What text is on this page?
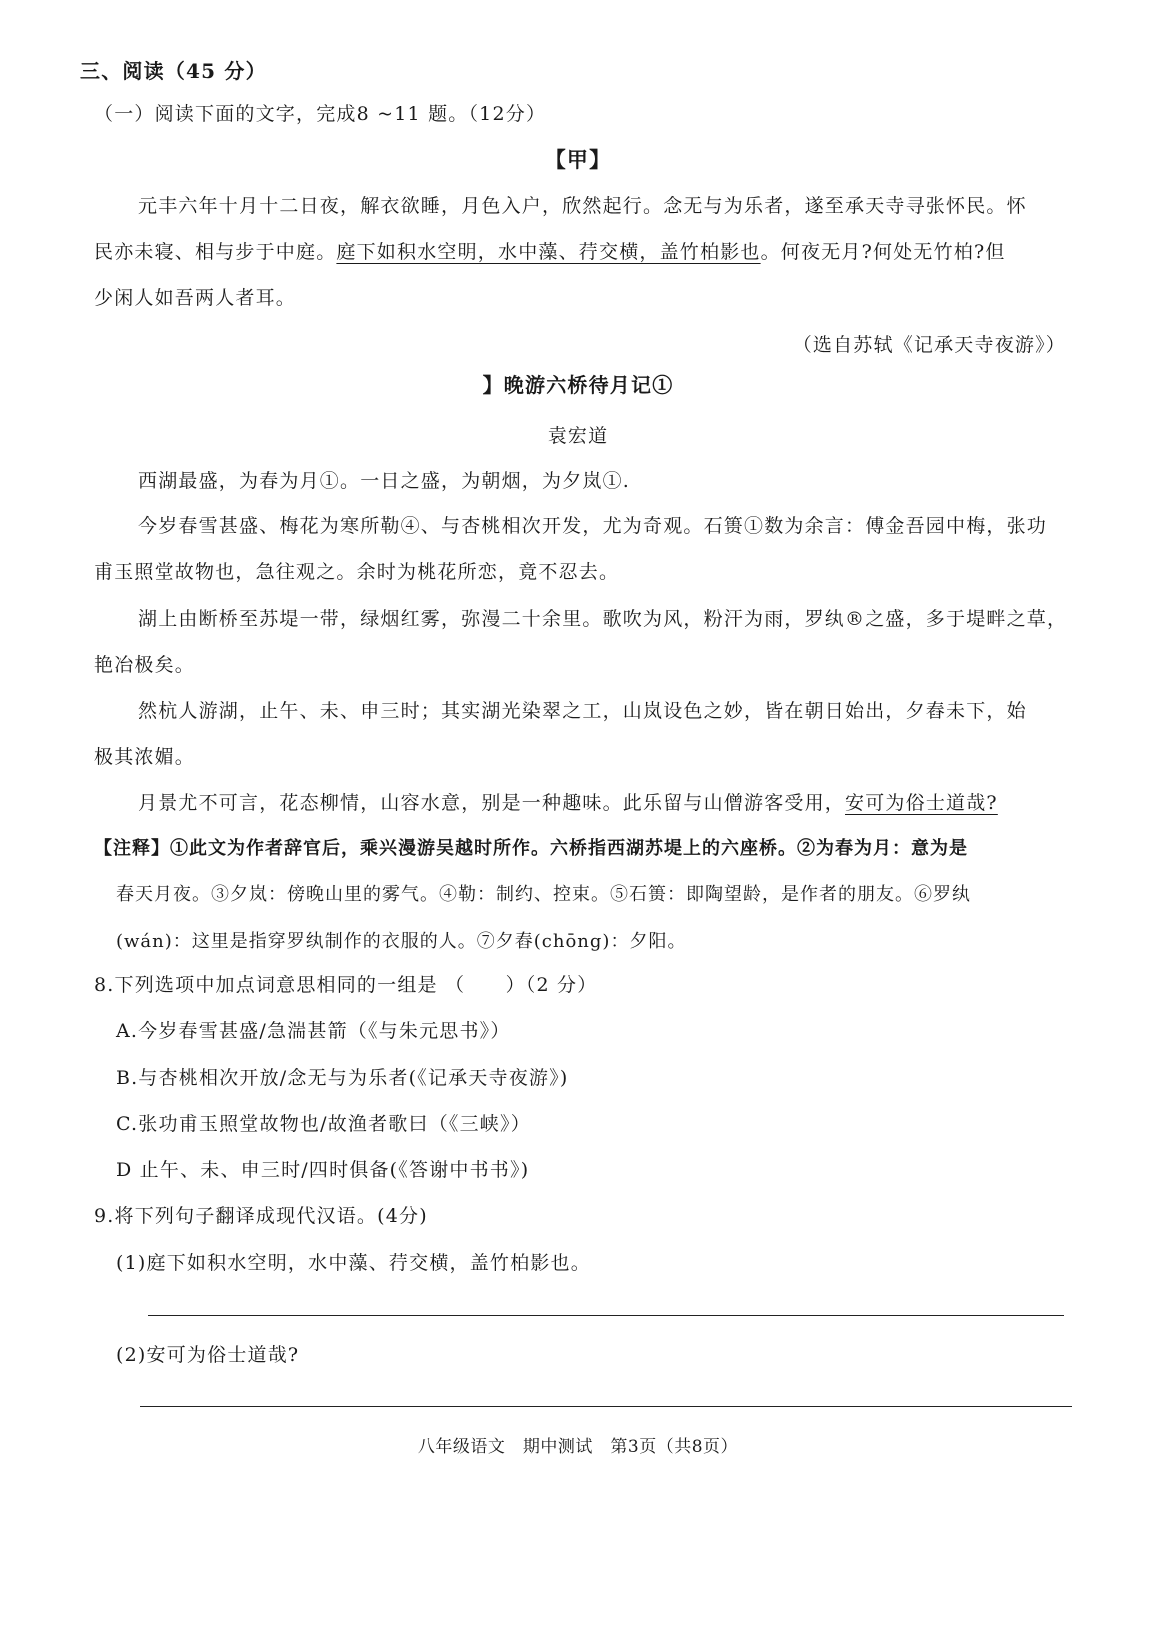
三、阅读（45 分）
（一）阅读下面的文字，完成8 ~11 题。（12分）
【甲】
元丰六年十月十二日夜，解衣欲睡，月色入户，欣然起行。念无与为乐者，遂至承天寺寻张怀民。怀
民亦未寝、相与步于中庭。庭下如积水空明，水中藻、荇交横，盖竹柏影也。何夜无月?何处无竹柏?但
少闲人如吾两人者耳。
（选自苏轼《记承天寺夜游》）
】晚游六桥待月记①
袁宏道
西湖最盛，为春为月①。一日之盛，为朝烟，为夕岚①.
今岁春雪甚盛、梅花为寒所勒④、与杏桃相次开发，尤为奇观。石篑①数为余言：傅金吾园中梅，张功
甫玉照堂故物也，急往观之。余时为桃花所恋，竟不忍去。
湖上由断桥至苏堤一带，绿烟红雾，弥漫二十余里。歌吹为风，粉汗为雨，罗纨®之盛，多于堤畔之草，
艳冶极矣。
然杭人游湖，止午、未、申三时；其实湖光染翠之工，山岚设色之妙，皆在朝日始出，夕舂未下，始
极其浓媚。
月景尤不可言，花态柳情，山容水意，别是一种趣味。此乐留与山僧游客受用，安可为俗士道哉?
【注释】①此文为作者辞官后，乘兴漫游吴越时所作。六桥指西湖苏堤上的六座桥。②为春为月：意为是
春天月夜。③夕岚：傍晚山里的雾气。④勒：制约、控束。⑤石篑：即陶望龄，是作者的朋友。⑥罗纨
(wán)：这里是指穿罗纨制作的衣服的人。⑦夕舂(chōng)：夕阳。
8.下列选项中加点词意思相同的一组是 （　　）（2 分）
A.今岁春雪甚盛/急湍甚箭（《与朱元思书》）
B.与杏桃相次开放/念无与为乐者(《记承天寺夜游》)
C.张功甫玉照堂故物也/故渔者歌曰（《三峡》）
D 止午、未、申三时/四时俱备(《答谢中书书》)
9.将下列句子翻译成现代汉语。(4分)
(1)庭下如积水空明，水中藻、荇交横，盖竹柏影也。
(2)安可为俗士道哉?
八年级语文　期中测试　第3页（共8页）
